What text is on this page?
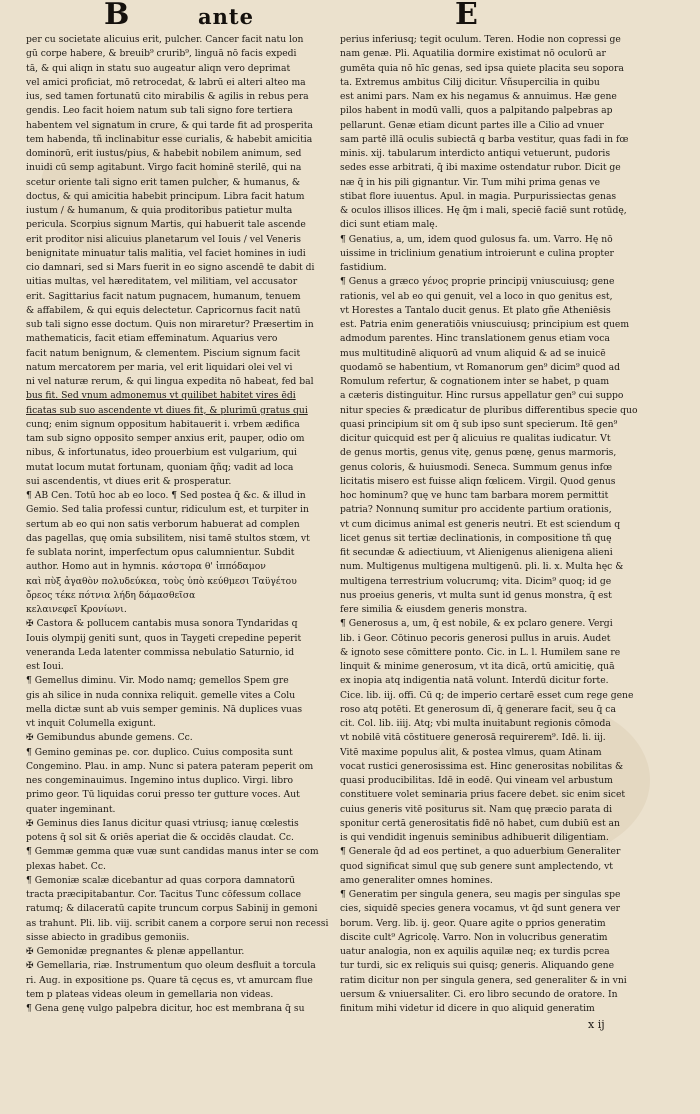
B	ante	E
per cu societate alicuius erit, pulcher. Cancer facit natu lon
gū corpe habere, & breuib⁹ crurib⁹, linguā nō facis expedi
tā, & qui aliqn in statu suo augeatur aliqn vero deprimat
vel amici proficiat, mō retrocedat, & labrū ei alteri alteo ma
ius, sed tamen fortunatū cito mirabilis & agilis in rebus pera
gendis. Leo facit hoiem natum sub tali signo fore tertiera
habentem vel signatum in crure, & qui tarde fit ad prosperita
tem habenda, tñ inclinabitur esse curialis, & habebit amicitia
dominorū, erit iustus/pius, & habebit nobilem animum, sed
inuidi cū semp agitabunt. Virgo facit hominē sterilē, qui na
scetur oriente tali signo erit tamen pulcher, & humanus, &
doctus, & qui amicitia habebit principum. Libra facit hatum
iustum / & humanum, & quia proditoribus patietur multa
pericula. Scorpius signum Martis, qui habuerit tale ascende
erit proditor nisi alicuius planetarum vel Iouis / vel Veneris
benignitate minuatur talis malitia, vel faciet homines in iudi
cio damnari, sed si Mars fuerit in eo signo ascendē te dabit di
uitias multas, vel hæreditatem, vel militiam, vel accusator
erit. Sagittarius facit natum pugnacem, humanum, tenuem
& affabilem, & qui equis delectetur. Capricornus facit natū
sub tali signo esse doctum. Quis non miraretur? Præsertim in
mathematicis, facit etiam effeminatum. Aquarius vero
facit natum benignum, & clementem. Piscium signum facit
natum mercatorem per maria, vel erit liquidari olei vel vi
ni vel naturæ rerum, & qui lingua expedita nō habeat, fed bal
bus fit. Sed vnum admonemus vt quilibet habitet vires ēdi
ficatas sub suo ascendente vt diues fit, & plurimū gratus qui
cunq; enim signum oppositum habitauerit i. vrbem ædifica
tam sub signo opposito semper anxius erit, pauper, odio om
nibus, & infortunatus, ideo prouerbium est vulgarium, qui
mutat locum mutat fortunam, quoniam q̄ñq; vadit ad loca
sui ascendentis, vt diues erit & prosperatur.
¶ AB Cen. Totū hoc ab eo loco. ¶ Sed postea q̄ &c. & illud in
Gemio. Sed talia professi cuntur, ridiculum est, et turpiter in
sertum ab eo qui non satis verborum habuerat ad complen
das pagellas, quę omia subsilitem, nisi tamē stultos stœm, vt
fe sublata norint, imperfectum opus calumnientur. Subdit
author. Homo aut in hymnis. κάστορα θ' ἱππόδαμον
καὶ πὺξ ἀγαθὸν πολυδεύκεα, τοὺς ὑπὸ κεύθμεσι Ταϋγέτου
ὄρεος τέκε πότνια λήδη δάμασθεῖσα
κελαινεφεῖ Κρονίωνι.
✠ Castora & pollucem cantabis musa sonora Tyndaridas q
Iouis olympij geniti sunt, quos in Taygeti crepedine peperit
veneranda Leda latenter commissa nebulatio Saturnio, id
est Ioui.
¶ Gemellus diminu. Vir. Modo namq; gemellos Spem gre
gis ah silice in nuda connixa reliquit. gemelle vites a Colu
mella dictæ sunt ab vuis semper geminis. Nā duplices vuas
vt inquit Columella exigunt.
✠ Gemibundus abunde gemens. Cc.
¶ Gemino geminas pe. cor. duplico. Cuius composita sunt
Congemino. Plau. in amp. Nunc si patera pateram peperit om
nes congeminauimus. Ingemino intus duplico. Virgi. libro
primo geor. Tū liquidas corui presso ter gutture voces. Aut
quater ingeminant.
✠ Geminus dies Ianus dicitur quasi vtriusq; ianuę cœlestis
potens q̄ sol sit & oriēs aperiat die & occidēs claudat. Cc.
¶ Gemmæ gemma quæ vuæ sunt candidas manus inter se com
plexas habet. Cc.
¶ Gemoniæ scalæ dicebantur ad quas corpora damnatorū
tracta præcipitabantur. Cor. Tacitus Tunc cōfessum collace
ratumq; & dilaceratū capite truncum corpus Sabinij in gemoni
as trahunt. Pli. lib. viij. scribit canem a corpore serui non recessi
sisse abiecto in gradibus gemoniis.
✠ Gemonidæ pregnantes & plenæ appellantur.
✠ Gemellaria, riæ. Instrumentum quo oleum desfluit a torcula
ri. Aug. in expositione ps. Quare tā cęcus es, vt amurcam flue
tem p plateas videas oleum in gemellaria non videas.
¶ Gena genę vulgo palpebra dicitur, hoc est membrana q̄ su
perius inferiusq; tegit oculum. Teren. Hodie non copressi ge
nam genæ. Pli. Aquatilia dormire existimat nō oculorū ar
gumēta quia nō hīc genas, sed ipsa quiete placita seu sopora
ta. Extremus ambitus Cilij dicitur. Vñsupercilia in quibu
est animi pars. Nam ex his negamus & annuimus. Hæ gene
pilos habent in modū valli, quos a palpitando palpebras ap
pellarunt. Genæ etiam dicunt partes ille a Cilio ad vnuer
sam partē illā oculis subiectā q barba vestitur, quas fadi in fœ
minis. xij. tabularum interdicto antiqui vetuerunt, pudoris
sedes esse arbitrati, q̄ ibi maxime ostendatur rubor. Dicit ge
næ q̄ in his pili gignantur. Vir. Tum mihi prima genas ve
stibat flore iuuentus. Apul. in magia. Purpurissiectas genas
& oculos illisos illices. Hę q̄m i mali, speciē faciē sunt rotūdę,
dici sunt etiam malę.
¶ Genatius, a, um, idem quod gulosus fa. um. Varro. Hę nō
uissime in triclinium genatium introierunt e culina propter
fastidium.
¶ Genus a græco γένος proprie principij vniuscuiusq; gene
rationis, vel ab eo qui genuit, vel a loco in quo genitus est,
vt Horestes a Tantalo ducit genus. Et plato gñe Atheniēsis
est. Patria enim generatiōis vniuscuiusq; principium est quem
admodum parentes. Hinc translationem genus etiam voca
mus multitudinē aliquorū ad vnum aliquid & ad se inuicē
quodamō se habentium, vt Romanorum gen⁹ dicim⁹ quod ad
Romulum refertur, & cognationem inter se habet, p quam
a cæteris distinguitur. Hinc rursus appellatur gen⁹ cui suppo
nitur species & prædicatur de pluribus differentibus specie quo
quasi principium sit om q̄ sub ipso sunt specierum. Itē gen⁹
dicitur quicquid est per q̄ alicuius re qualitas iudicatur. Vt
de genus mortis, genus vitę, genus pœnę, genus marmoris,
genus coloris, & huiusmodi. Seneca. Summum genus infœ
licitatis misero est fuisse aliqn fœlicem. Virgil. Quod genus
hoc hominum? quę ve hunc tam barbara morem permittit
patria? Nonnunq sumitur pro accidente partium orationis,
vt cum dicimus animal est generis neutri. Et est sciendum q
licet genus sit tertiæ declinationis, in compositione tñ quę
fit secundæ & adiectiuum, vt Alienigenus alienigena alieni
num. Multigenus multigena multigenū. pli. li. x. Multa hęc &
multigena terrestrium volucrumq; vita. Dicim⁹ quoq; id ge
nus proeius generis, vt multa sunt id genus monstra, q̄ est
fere similia & eiusdem generis monstra.
¶ Generosus a, um, q̄ est nobile, & ex pclaro genere. Vergi
lib. i Geor. Cōtinuo pecoris generosi pullus in aruis. Audet
& ignoto sese cōmittere ponto. Cic. in L. l. Humilem sane re
linquit & minime generosum, vt ita dicā, ortū amicitię, quā
ex inopia atq indigentia natā volunt. Interdū dicitur forte.
Cice. lib. iij. offi. Cū q; de imperio certarē esset cum rege gene
roso atq potēti. Et generosum dī, q̄ generare facit, seu q̄ ca
cit. Col. lib. iiij. Atq; vbi multa inuitabunt regionis cōmoda
vt nobilē vitā cōstituere generosā requirerem⁹. Idē. li. iij.
Vitē maxime populus alit, & postea vlmus, quam Atinam
vocat rustici generosissima est. Hinc generositas nobilitas &
quasi producibilitas. Idē in eodē. Qui vineam vel arbustum
constituere volet seminaria prius facere debet. sic enim sicet
cuius generis vitē positurus sit. Nam quę præcio parata di
sponitur certā generositatis fidē nō habet, cum dubiū est an
is qui vendidit ingenuis seminibus adhibuerit diligentiam.
¶ Generale q̄d ad eos pertinet, a quo aduerbium Generaliter
quod significat simul quę sub genere sunt amplectendo, vt
amo generaliter omnes homines.
¶ Generatim per singula genera, seu magis per singulas spe
cies, siquidē species genera vocamus, vt q̄d sunt genera ver
borum. Verg. lib. ij. geor. Quare agite o pprios generatim
discite cult⁹ Agricolę. Varro. Non in volucribus generatim
uatur analogia, non ex aquilis aquilæ neq; ex turdis pcrea
tur turdi, sic ex reliquis sui quisq; generis. Aliquando gene
ratim dicitur non per singula genera, sed generaliter & in vni
uersum & vniuersaliter. Ci. ero libro secundo de oratore. In
finitum mihi videtur id dicere in quo aliquid generatim
x ij
